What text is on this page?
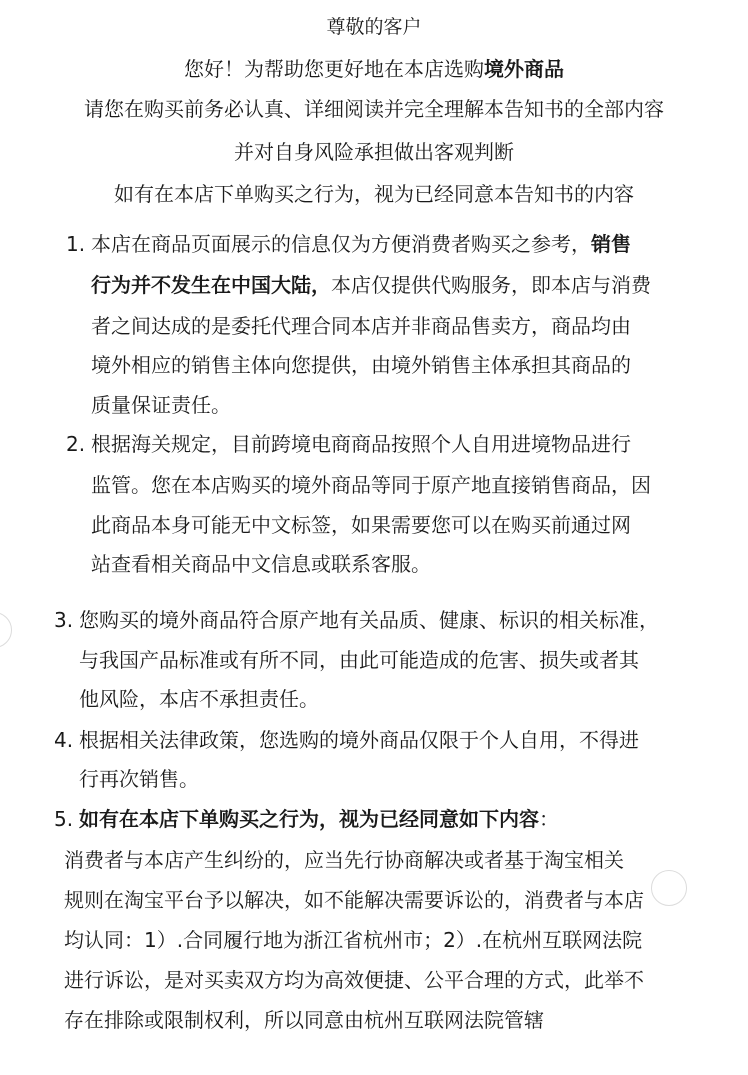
尊敬的客户
您好！为帮助您更好地在本店选购境外商品
请您在购买前务必认真、详细阅读并完全理解本告知书的全部内容
并对自身风险承担做出客观判断
如有在本店下单购买之行为，视为已经同意本告知书的内容
1. 本店在商品页面展示的信息仅为方便消费者购买之参考，销售
行为并不发生在中国大陆，本店仅提供代购服务，即本店与消费
者之间达成的是委托代理合同本店并非商品售卖方，商品均由
境外相应的销售主体向您提供，由境外销售主体承担其商品的
质量保证责任。
2. 根据海关规定，目前跨境电商商品按照个人自用进境物品进行
监管。您在本店购买的境外商品等同于原产地直接销售商品，因
此商品本身可能无中文标签，如果需要您可以在购买前通过网
站查看相关商品中文信息或联系客服。
3. 您购买的境外商品符合原产地有关品质、健康、标识的相关标准，
与我国产品标准或有所不同，由此可能造成的危害、损失或者其
他风险，本店不承担责任。
4. 根据相关法律政策，您选购的境外商品仅限于个人自用，不得进
行再次销售。
5. 如有在本店下单购买之行为，视为已经同意如下内容：
消费者与本店产生纠纷的，应当先行协商解决或者基于淘宝相关
规则在淘宝平台予以解决，如不能解决需要诉讼的，消费者与本店
均认同：1）.合同履行地为浙江省杭州市；2）.在杭州互联网法院
进行诉讼，是对买卖双方均为高效便捷、公平合理的方式，此举不
存在排除或限制权利，所以同意由杭州互联网法院管辖
